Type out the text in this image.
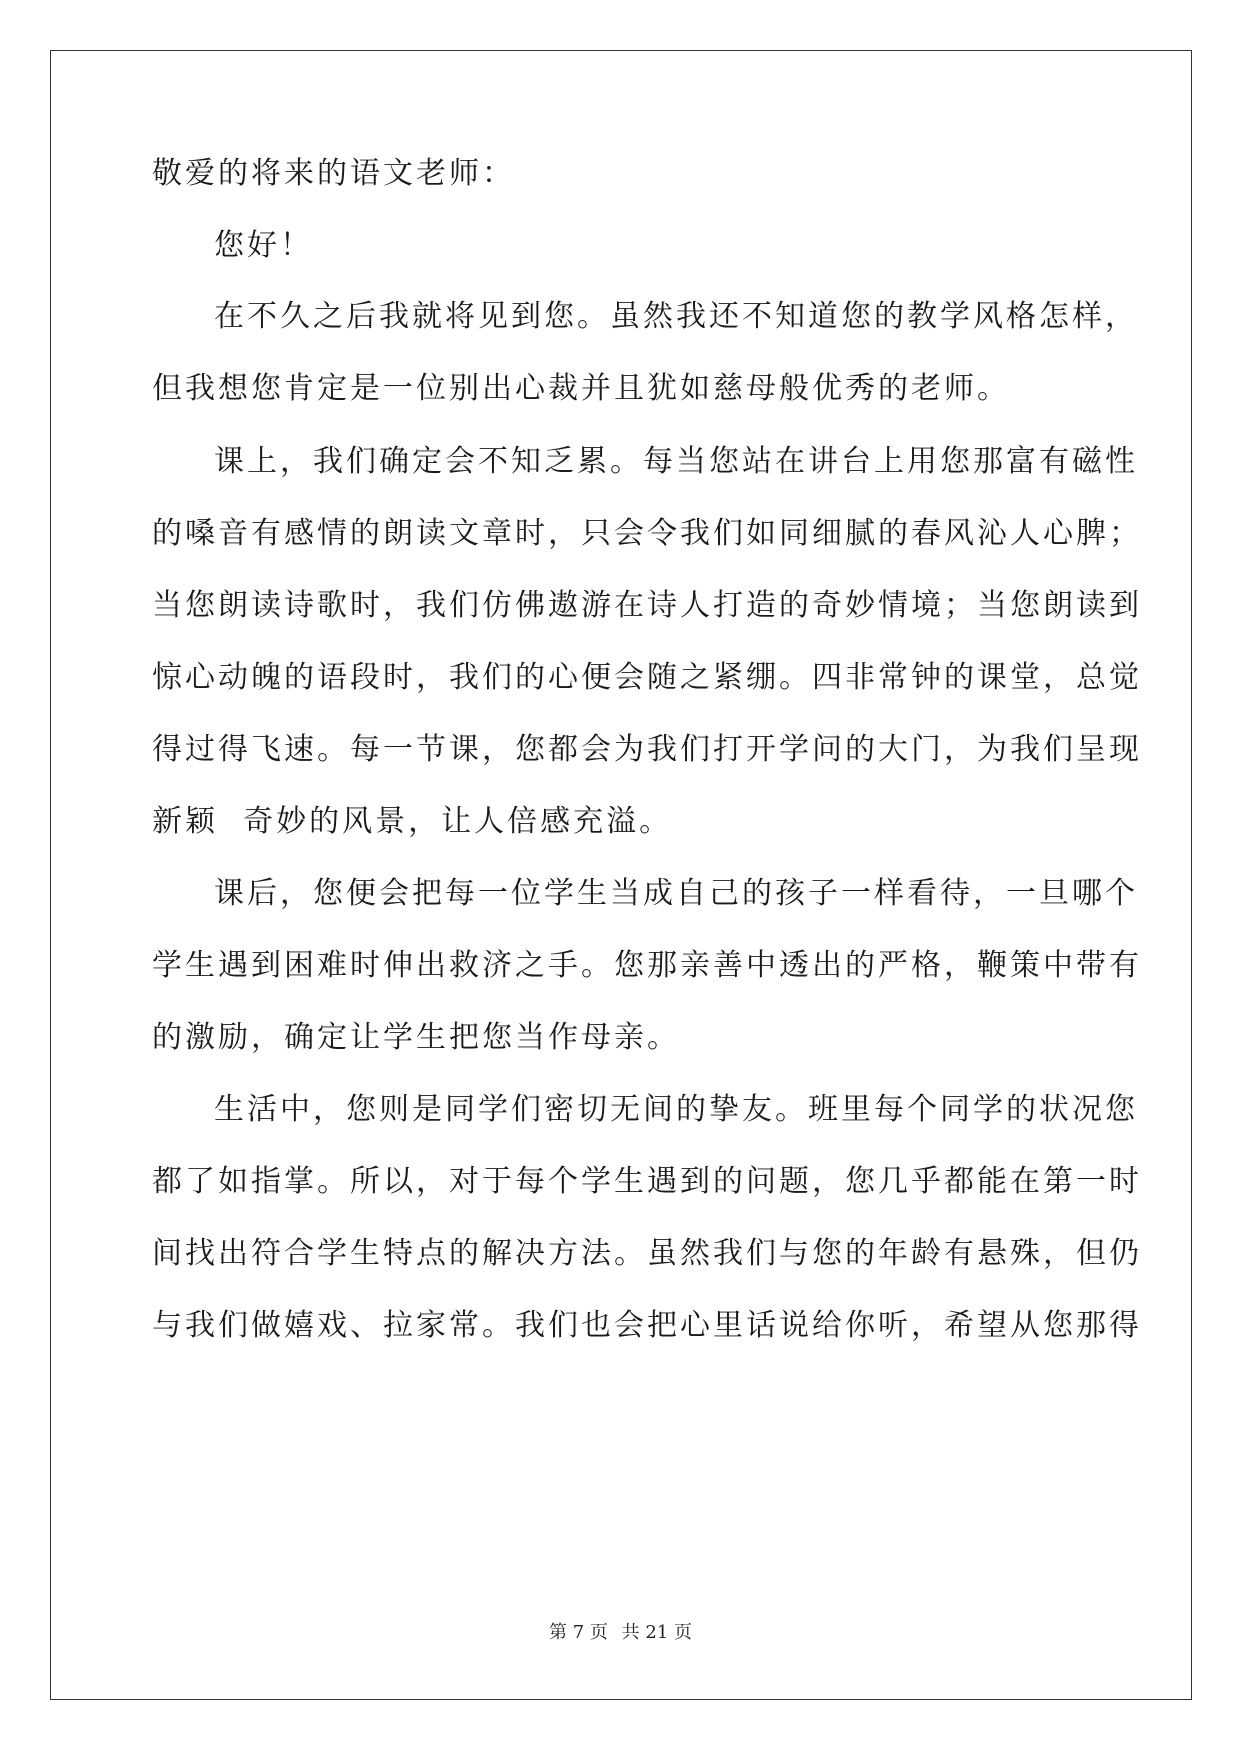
敬爱的将来的语文老师：
您好！
在不久之后我就将见到您。虽然我还不知道您的教学风格怎样，
但我想您肯定是一位别出心裁并且犹如慈母般优秀的老师。
课上，我们确定会不知乏累。每当您站在讲台上用您那富有磁性
的嗓音有感情的朗读文章时，只会令我们如同细腻的春风沁人心脾；
当您朗读诗歌时，我们仿佛遨游在诗人打造的奇妙情境；当您朗读到
惊心动魄的语段时，我们的心便会随之紧绷。四非常钟的课堂，总觉
得过得飞速。每一节课，您都会为我们打开学问的大门，为我们呈现
新颖  奇妙的风景，让人倍感充溢。
课后，您便会把每一位学生当成自己的孩子一样看待，一旦哪个
学生遇到困难时伸出救济之手。您那亲善中透出的严格，鞭策中带有
的激励，确定让学生把您当作母亲。
生活中，您则是同学们密切无间的挚友。班里每个同学的状况您
都了如指掌。所以，对于每个学生遇到的问题，您几乎都能在第一时
间找出符合学生特点的解决方法。虽然我们与您的年龄有悬殊，但仍
与我们做嬉戏、拉家常。我们也会把心里话说给你听，希望从您那得
第 7 页 共 21 页
